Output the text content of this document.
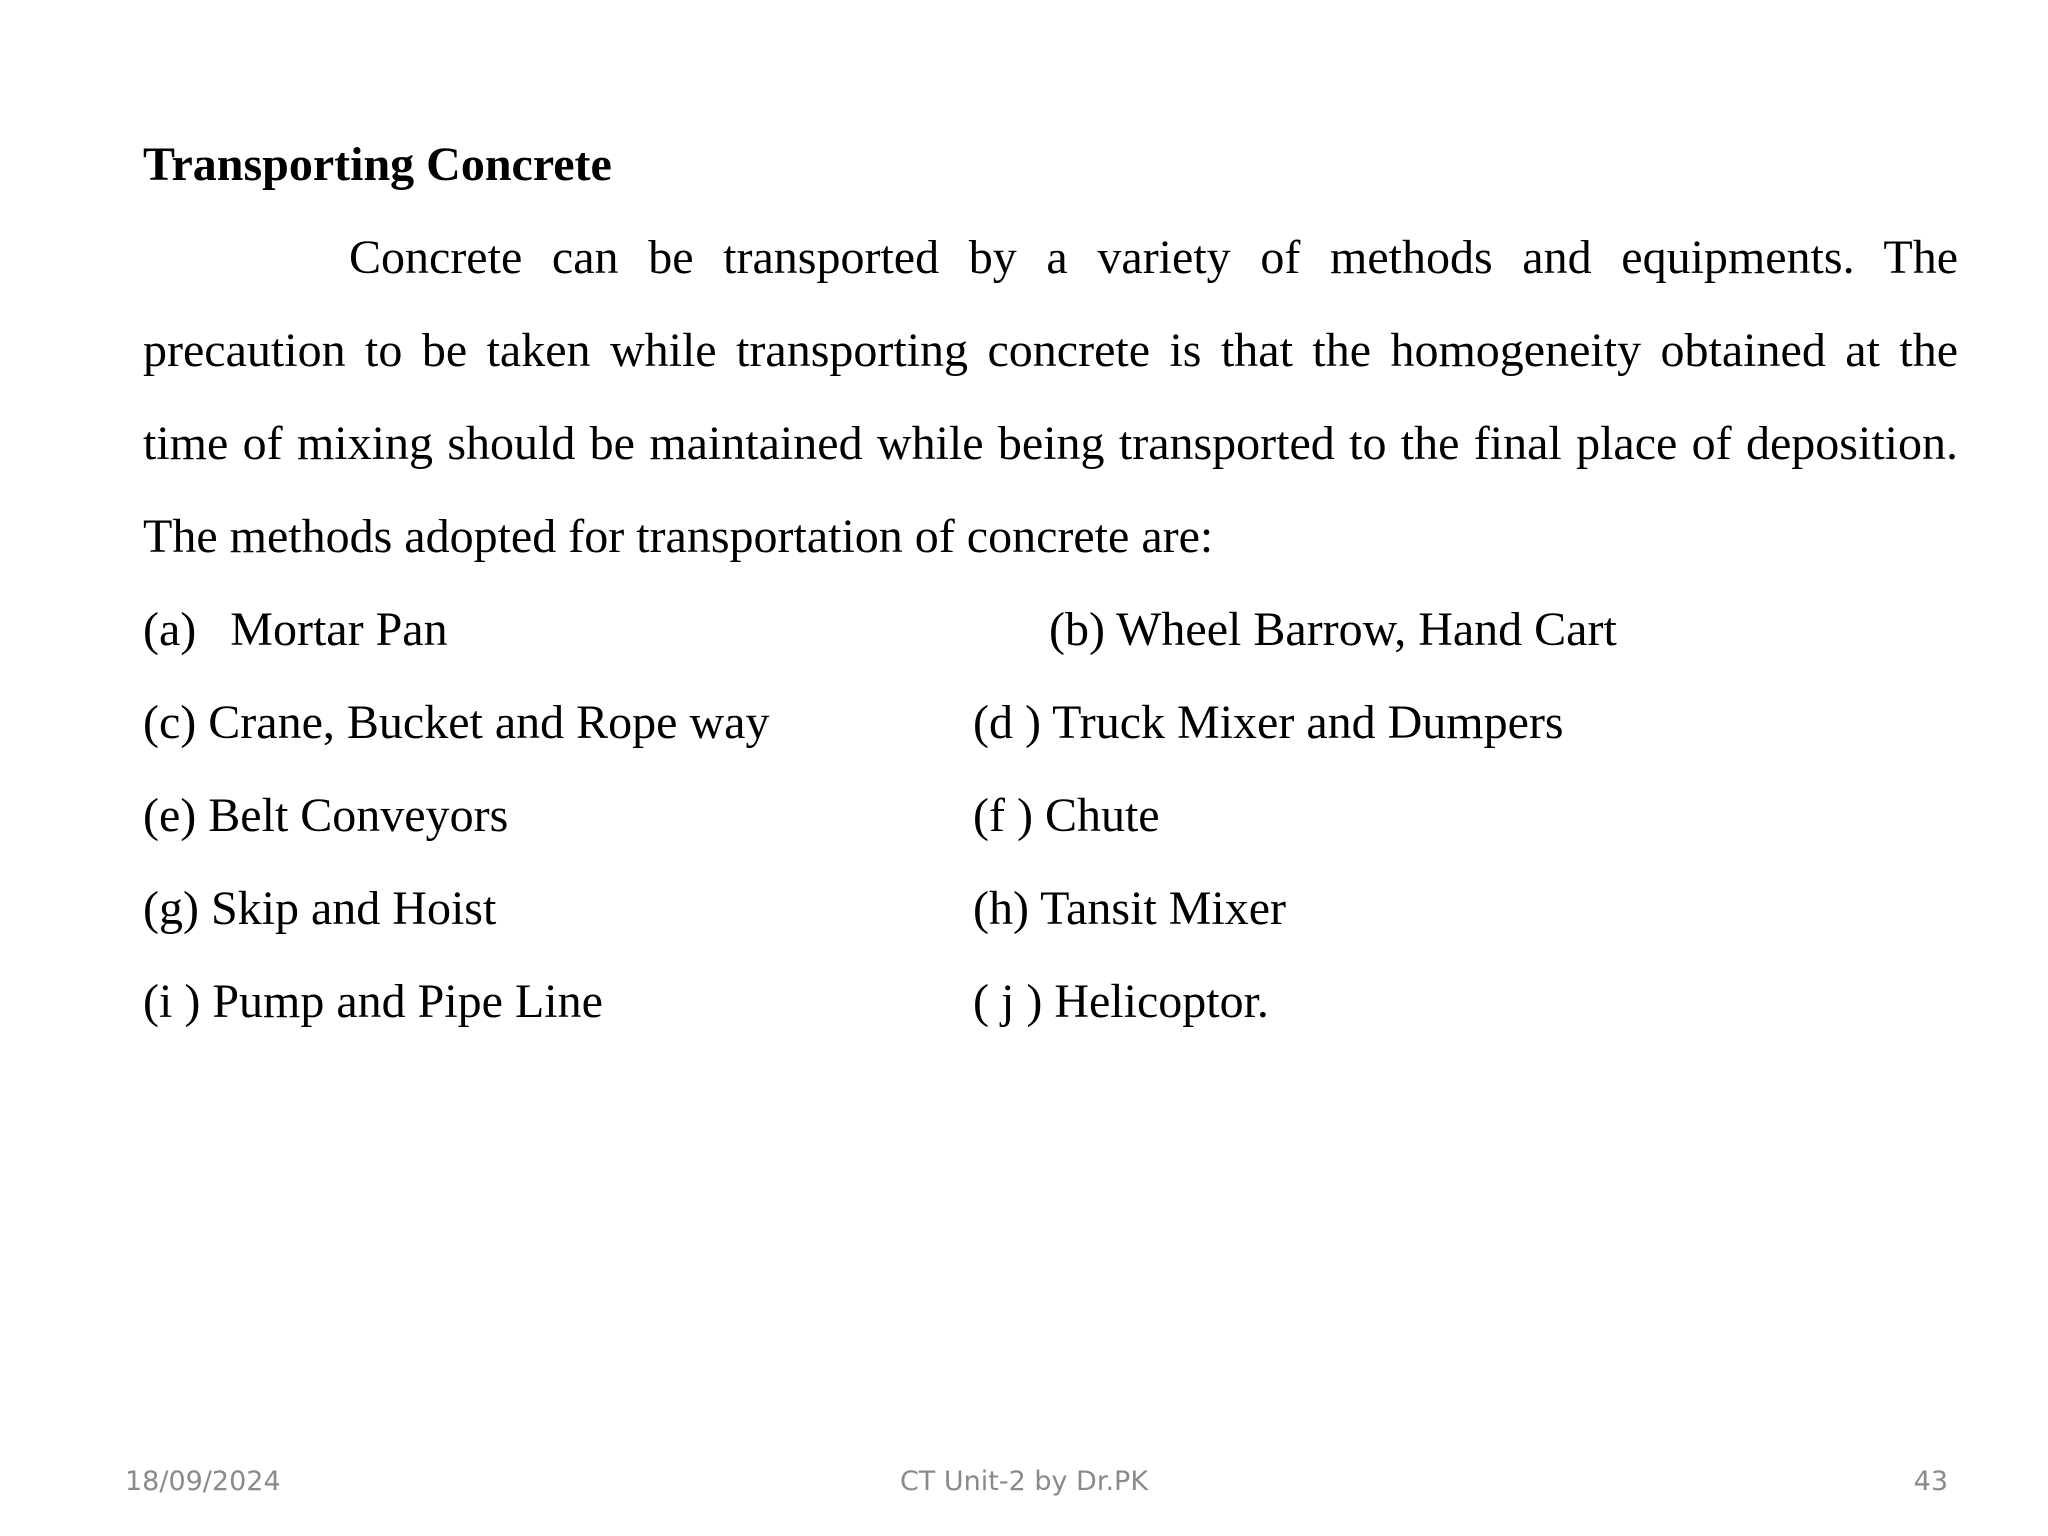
Transporting Concrete

Concrete can be transported by a variety of methods and equipments. The precaution to be taken while transporting concrete is that the homogeneity obtained at the time of mixing should be maintained while being transported to the final place of deposition. The methods adopted for transportation of concrete are:

(a) Mortar Pan	(b) Wheel Barrow, Hand Cart
(c) Crane, Bucket and Rope way	(d ) Truck Mixer and Dumpers
(e) Belt Conveyors	(f ) Chute
(g) Skip and Hoist	(h) Tansit Mixer
(i ) Pump and Pipe Line	( j ) Helicoptor.
18/09/2024	CT Unit-2 by Dr.PK	43
